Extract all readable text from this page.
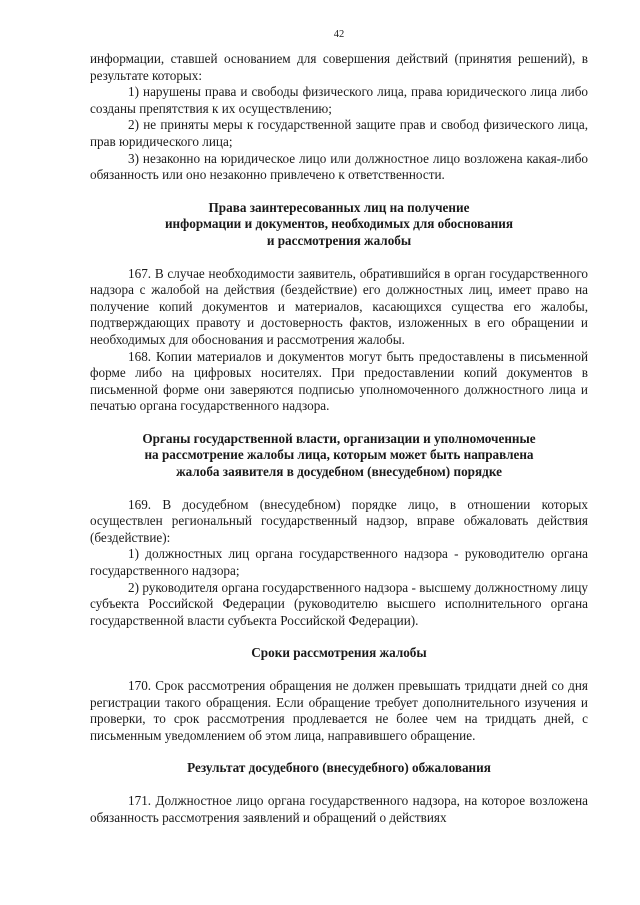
42

информации, ставшей основанием для совершения действий (принятия решений), в результате которых:

1) нарушены права и свободы физического лица, права юридического лица либо созданы препятствия к их осуществлению;

2) не приняты меры к государственной защите прав и свобод физического лица, прав юридического лица;

3) незаконно на юридическое лицо или должностное лицо возложена какая-либо обязанность или оно незаконно привлечено к ответственности.

Права заинтересованных лиц на получение
информации и документов, необходимых для обоснования
и рассмотрения жалобы

167. В случае необходимости заявитель, обратившийся в орган государственного надзора с жалобой на действия (бездействие) его должностных лиц, имеет право на получение копий документов и материалов, касающихся существа его жалобы, подтверждающих правоту и достоверность фактов, изложенных в его обращении и необходимых для обоснования и рассмотрения жалобы.

168. Копии материалов и документов могут быть предоставлены в письменной форме либо на цифровых носителях. При предоставлении копий документов в письменной форме они заверяются подписью уполномоченного должностного лица и печатью органа государственного надзора.

Органы государственной власти, организации и уполномоченные
на рассмотрение жалобы лица, которым может быть направлена
жалоба заявителя в досудебном (внесудебном) порядке

169. В досудебном (внесудебном) порядке лицо, в отношении которых осуществлен региональный государственный надзор, вправе обжаловать действия (бездействие):

1) должностных лиц органа государственного надзора - руководителю органа государственного надзора;

2) руководителя органа государственного надзора - высшему должностному лицу субъекта Российской Федерации (руководителю высшего исполнительного органа государственной власти субъекта Российской Федерации).

Сроки рассмотрения жалобы

170. Срок рассмотрения обращения не должен превышать тридцати дней со дня регистрации такого обращения. Если обращение требует дополнительного изучения и проверки, то срок рассмотрения продлевается не более чем на тридцать дней, с письменным уведомлением об этом лица, направившего обращение.

Результат досудебного (внесудебного) обжалования

171. Должностное лицо органа государственного надзора, на которое возложена обязанность рассмотрения заявлений и обращений о действиях
